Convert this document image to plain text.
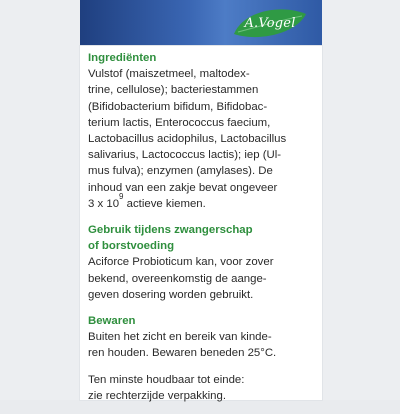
A.Vogel
Ingrediënten
Vulstof (maiszetmeel, maltodex-
trine, cellulose); bacteriestammen
(Bifidobacterium bifidum, Bifidobac-
terium lactis, Enterococcus faecium,
Lactobacillus acidophilus, Lactobacillus
salivarius, Lactococcus lactis); iep (Ul-
mus fulva); enzymen (amylases). De
inhoud van een zakje bevat ongeveer
3 x $10^9$ actieve kiemen.
Gebruik tijdens zwangerschap
of borstvoeding
Aciforce Probioticum kan, voor zover
bekend, overeenkomstig de aange-
geven dosering worden gebruikt.
Bewaren
Buiten het zicht en bereik van kinde-
ren houden. Bewaren beneden 25°C.
Ten minste houdbaar tot einde:
zie rechterzijde verpakking.
